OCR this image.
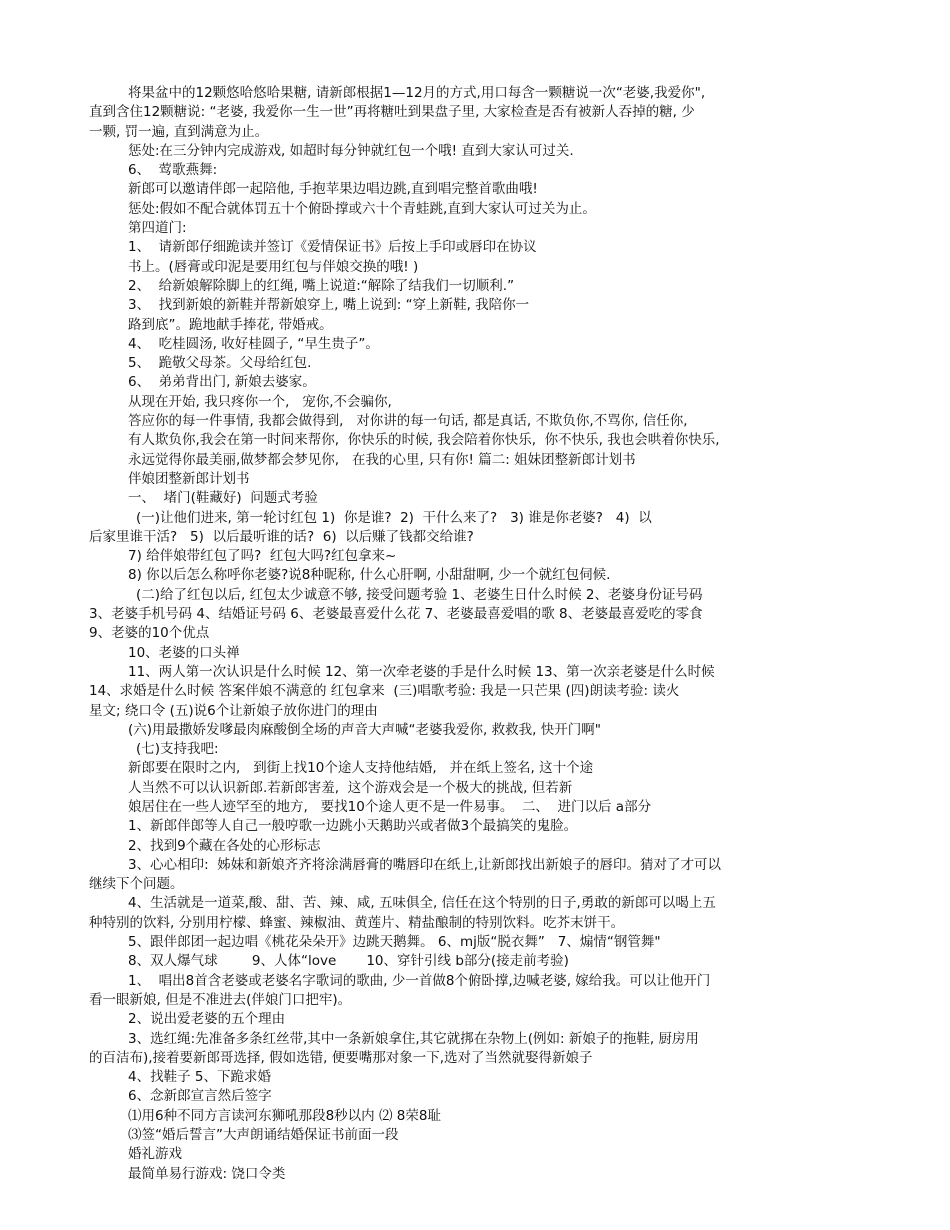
将果盆中的12颗悠哈悠哈果糖, 请新郎根据1—12月的方式,用口每含一颗糖说一次“老婆,我爱你",
直到含住12颗糖说: “老婆, 我爱你一生一世”再将糖吐到果盘子里, 大家检查是否有被新人吞掉的糖, 少
一颗, 罚一遍, 直到满意为止。
惩处:在三分钟内完成游戏, 如超时每分钟就红包一个哦! 直到大家认可过关.
6、  莺歌燕舞:
新郎可以邀请伴郎一起陪他, 手抱苹果边唱边跳,直到唱完整首歌曲哦!
惩处:假如不配合就体罚五十个俯卧撑或六十个青蛙跳,直到大家认可过关为止。
第四道门:
1、  请新郎仔细跪读并签订《爱情保证书》后按上手印或唇印在协议
书上。(唇膏或印泥是要用红包与伴娘交换的哦! )
2、  给新娘解除脚上的红绳, 嘴上说道:“解除了结我们一切顺利.”
3、  找到新娘的新鞋并帮新娘穿上, 嘴上说到: “穿上新鞋, 我陪你一
路到底”。跪地献手捧花, 带婚戒。
4、  吃桂圆汤, 收好桂圆子, “早生贵子”。
5、  跪敬父母茶。父母给红包.
6、  弟弟背出门, 新娘去婆家。
从现在开始, 我只疼你一个,   宠你,不会骗你,
答应你的每一件事情, 我都会做得到,   对你讲的每一句话, 都是真话, 不欺负你,不骂你, 信任你,
有人欺负你,我会在第一时间来帮你,  你快乐的时候, 我会陪着你快乐,  你不快乐, 我也会哄着你快乐,
永远觉得你最美丽,做梦都会梦见你,   在我的心里, 只有你! 篇二: 姐妹团整新郎计划书
伴娘团整新郎计划书
一、  堵门(鞋藏好)  问题式考验
(一)让他们进来, 第一轮讨红包 1)  你是谁?  2)  干什么来了?   3) 谁是你老婆?   4)  以
后家里谁干活?   5)  以后最听谁的话?  6)  以后赚了钱都交给谁?
7) 给伴娘带红包了吗?  红包大吗?红包拿来~
8) 你以后怎么称呼你老婆?说8种昵称, 什么心肝啊, 小甜甜啊, 少一个就红包伺候.
(二)给了红包以后, 红包太少诚意不够, 接受问题考验 1、老婆生日什么时候 2、老婆身份证号码
3、老婆手机号码 4、结婚证号码 6、老婆最喜爱什么花 7、老婆最喜爱唱的歌 8、老婆最喜爱吃的零食
9、老婆的10个优点
10、老婆的口头禅
11、两人第一次认识是什么时候 12、第一次牵老婆的手是什么时候 13、第一次亲老婆是什么时候
14、求婚是什么时候 答案伴娘不满意的 红包拿来  (三)唱歌考验: 我是一只芒果 (四)朗读考验: 读火
星文; 绕口令 (五)说6个让新娘子放你进门的理由
(六)用最撒娇发嗲最肉麻酸倒全场的声音大声喊“老婆我爱你, 救救我, 快开门啊"
(七)支持我吧:
新郎要在限时之内,   到街上找10个途人支持他结婚,   并在纸上签名, 这十个途
人当然不可以认识新郎.若新郎害羞,  这个游戏会是一个极大的挑战, 但若新
娘居住在一些人迹罕至的地方,   要找10个途人更不是一件易事。  二、  进门以后 a部分
1、新郎伴郎等人自己一般哼歌一边跳小天鹅助兴或者做3个最搞笑的鬼脸。
2、找到9个藏在各处的心形标志
3、心心相印:  姊妹和新娘齐齐将涂满唇膏的嘴唇印在纸上,让新郎找出新娘子的唇印。猜对了才可以
继续下个问题。
4、生活就是一道菜,酸、甜、苦、辣、咸, 五味俱全, 信任在这个特别的日子,勇敢的新郎可以喝上五
种特别的饮料, 分别用柠檬、蜂蜜、辣椒油、黄莲片、精盐酿制的特别饮料。吃芥末饼干。
5、跟伴郎团一起边唱《桃花朵朵开》边跳天鹅舞。 6、mj版“脱衣舞”   7、煽情“钢管舞"
8、双人爆气球        9、人体“love       10、穿针引线 b部分(接走前考验)
1、  唱出8首含老婆或老婆名字歌词的歌曲, 少一首做8个俯卧撑,边喊老婆, 嫁给我。可以让他开门
看一眼新娘, 但是不准进去(伴娘门口把牢)。
2、说出爱老婆的五个理由
3、选红绳:先准备多条红丝带,其中一条新娘拿住,其它就挷在杂物上(例如: 新娘子的拖鞋, 厨房用
的百洁布),接着要新郎哥选择, 假如选错, 便要嘴那对象一下,选对了当然就娶得新娘子
4、找鞋子 5、下跪求婚
6、念新郎宣言然后签字
⑴用6种不同方言读河东狮吼那段8秒以内 ⑵ 8荣8耻
⑶签“婚后誓言”大声朗诵结婚保证书前面一段
婚礼游戏
最简单易行游戏: 饶口令类
